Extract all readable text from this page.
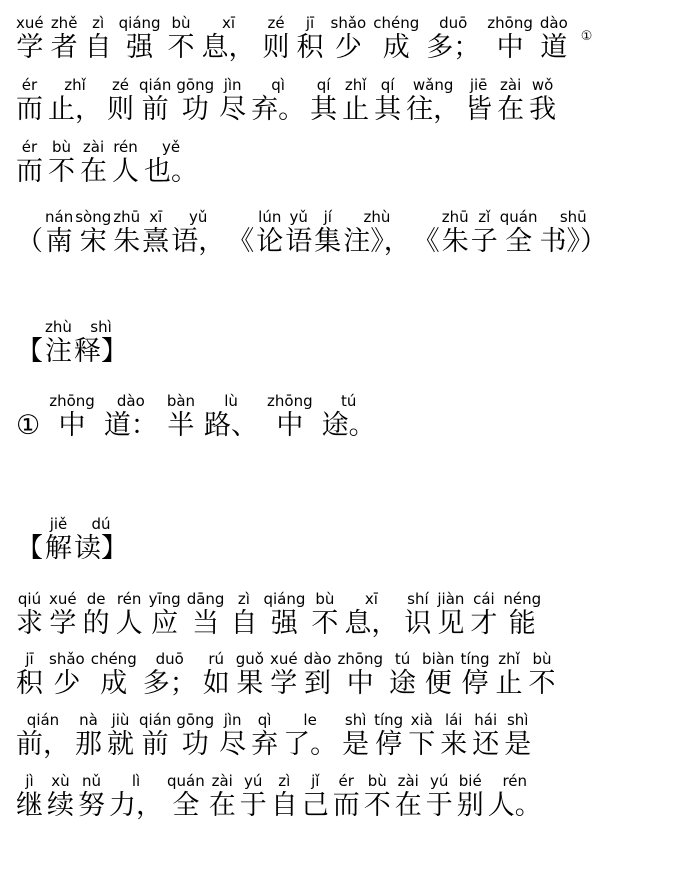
xué
学
zhě
者
zì
自
qiáng
强
bù
不
xī
息，
zé
则
jī
积
shǎo
少
chéng
成
duō
多；
zhōng
中
dào
道 ①
ér
而
zhǐ
止，
zé
则
qián
前
gōng
功
jìn
尽
qì
弃。
qí
其
zhǐ
止
qí
其
wǎng
往，
jiē
皆
zài
在
wǒ
我
ér
而
bù
不
zài
在
rén
人
yě
也。
（
nán
南
sòng
宋
zhū
朱
xī
熹
yǔ
语， 《
lún
论
yǔ
语
jí
集
zhù
注》， 《
zhū
朱
zǐ
子
quán
全
shū
书》）
【
zhù
注
shì
释】
①
zhōng
中
dào
道：
bàn
半
lù
路、
zhōng
中
tú
途。
【
jiě
解
dú
读】
qiú
求
xué
学
de
的
rén
人
yīng
应
dāng
当
zì
自
qiáng
强
bù
不
xī
息，
shí
识
jiàn
见
cái
才
néng
能
jī
积
shǎo
少
chéng
成
duō
多；
rú
如
guǒ
果
xué
学
dào
到
zhōng
中
tú
途
biàn
便
tíng
停
zhǐ
止
bù
不
qián
前，
nà
那
jiù
就
qián
前
gōng
功
jìn
尽
qì
弃
le
了。
shì
是
tíng
停
xià
下
lái
来
hái
还
shì
是
jì
继
xù
续
nǔ
努
lì
力，
quán
全
zài
在
yú
于
zì
自
jǐ
己
ér
而
bù
不
zài
在
yú
于
bié
别
rén
人。
